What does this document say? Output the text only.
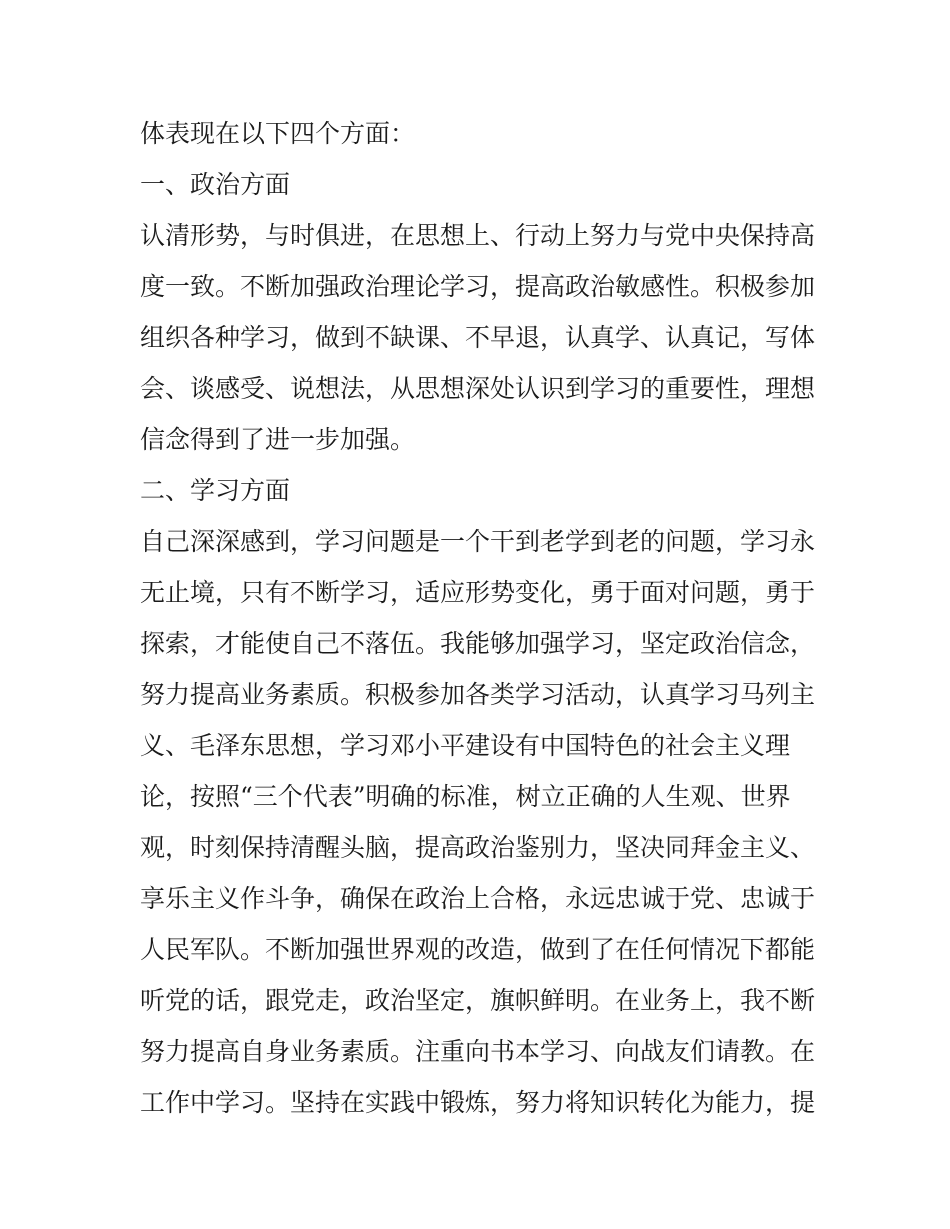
体表现在以下四个方面：
一、政治方面
认清形势，与时俱进，在思想上、行动上努力与党中央保持高
度一致。不断加强政治理论学习，提高政治敏感性。积极参加
组织各种学习，做到不缺课、不早退，认真学、认真记，写体
会、谈感受、说想法，从思想深处认识到学习的重要性，理想
信念得到了进一步加强。
二、学习方面
自己深深感到，学习问题是一个干到老学到老的问题，学习永
无止境，只有不断学习，适应形势变化，勇于面对问题，勇于
探索，才能使自己不落伍。我能够加强学习，坚定政治信念，
努力提高业务素质。积极参加各类学习活动，认真学习马列主
义、毛泽东思想，学习邓小平建设有中国特色的社会主义理
论，按照“三个代表”明确的标准，树立正确的人生观、世界
观，时刻保持清醒头脑，提高政治鉴别力，坚决同拜金主义、
享乐主义作斗争，确保在政治上合格，永远忠诚于党、忠诚于
人民军队。不断加强世界观的改造，做到了在任何情况下都能
听党的话，跟党走，政治坚定，旗帜鲜明。在业务上，我不断
努力提高自身业务素质。注重向书本学习、向战友们请教。在
工作中学习。坚持在实践中锻炼，努力将知识转化为能力，提
